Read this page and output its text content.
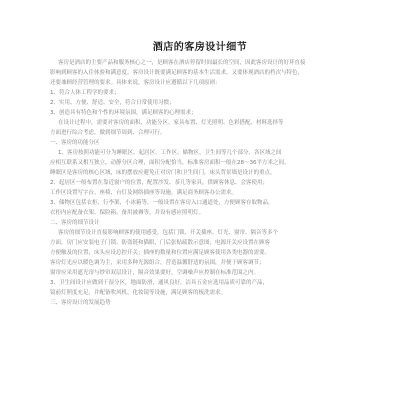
酒店的客房设计细节
客房是酒店的主要产品和服务核心之一，是顾客在酒店停留时间最长的空间，因此客房设计的好坏直接
影响到顾客的入住体验和满意度。客房设计既要满足顾客的基本生活需求，又要体现酒店的档次与特色，
还要兼顾经营管理的要求。具体来说，客房设计应遵循以下几项原则：
1、符合人体工程学的要求；
2、实用、方便、舒适、安全，符合日常使用习惯；
3、创造具有特色和个性的环境氛围，满足顾客的心理需求；
在设计过程中，需要对客房的面积、功能分区、家具布置、灯光照明、色彩搭配、材料选择等
方面进行综合考虑，做到细节周到、合理可行。
一、客房的功能分区
1、客房按照功能可分为睡眠区、起居区、工作区、储物区、卫生间等几个部分，各区域之间
应相互联系又相互独立，动静分区合理，面积分配恰当，标准客房面积一般在28～36平方米之间。
睡眠区是客房的核心区域，床的摆放应避免正对房门和卫生间门，床头背景墙是设计的重点。
2、起居区一般布置在靠近窗户的位置，配置沙发、茶几等家具，供顾客休息、会客使用；
工作区设置写字台、座椅、台灯及网络插座等设施，满足商务顾客办公需求。
3、储物区包括衣柜、行李架、小冰箱等，一般设置在客房入口通道处，方便顾客存取物品，
衣柜内应配备衣架、保险箱、备用被褥等，并设有感应照明灯。
二、客房的细节设计
客房的细节设计直接影响顾客的使用感受，包括门锁、开关插座、灯光、窗帘、隔音等多个
方面。房门应安装电子门锁、防盗链和猫眼，门后张贴疏散示意图；电源开关应设置在顾客
方便触及的位置，床头应设总控开关；插座的数量和位置应满足顾客使用各类电器的需要。
客房灯光应以暖色调为主，采用多种光源组合，营造温馨舒适的氛围，并便于顾客调节；
窗帘应采用遮光帘与纱帘双层设计，隔音效果要好，空调噪声应控制在标准范围之内。
3、卫生间设计应做到干湿分区，地面防滑，通风良好，洁具五金应选用品质可靠的产品，
镜前灯照度充足，并配备吹风机、化妆镜等设施，满足顾客的梳洗需求。
三、客房设计的发展趋势
